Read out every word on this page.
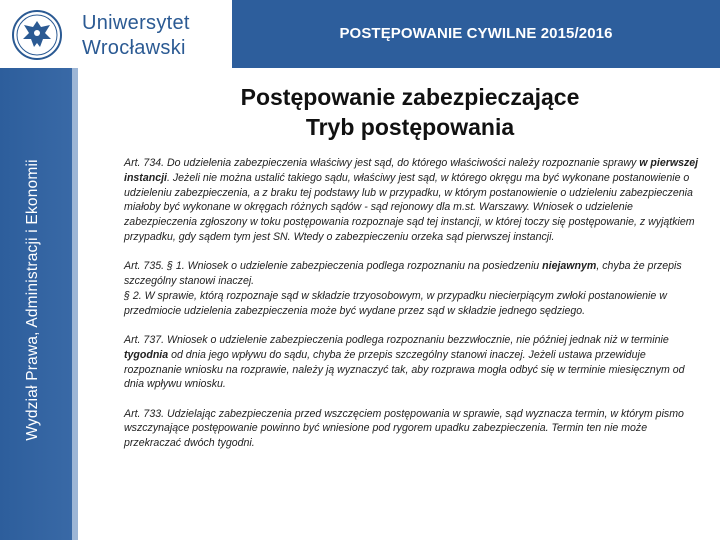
Uniwersytet
Wrocławski
POSTĘPOWANIE CYWILNE 2015/2016
Wydział Prawa, Administracji i Ekonomii
Postępowanie zabezpieczające
Tryb postępowania

Art. 734. Do udzielenia zabezpieczenia właściwy jest sąd, do którego właściwości należy rozpoznanie sprawy w pierwszej instancji. Jeżeli nie można ustalić takiego sądu, właściwy jest sąd, w którego okręgu ma być wykonane postanowienie o udzieleniu zabezpieczenia, a z braku tej podstawy lub w przypadku, w którym postanowienie o udzieleniu zabezpieczenia miałoby być wykonane w okręgach różnych sądów - sąd rejonowy dla m.st. Warszawy. Wniosek o udzielenie zabezpieczenia zgłoszony w toku postępowania rozpoznaje sąd tej instancji, w której toczy się postępowanie, z wyjątkiem przypadku, gdy sądem tym jest SN. Wtedy o zabezpieczeniu orzeka sąd pierwszej instancji.

Art. 735. § 1. Wniosek o udzielenie zabezpieczenia podlega rozpoznaniu na posiedzeniu niejawnym, chyba że przepis szczególny stanowi inaczej.
§ 2. W sprawie, którą rozpoznaje sąd w składzie trzyosobowym, w przypadku niecierpiącym zwłoki postanowienie w przedmiocie udzielenia zabezpieczenia może być wydane przez sąd w składzie jednego sędziego.

Art. 737. Wniosek o udzielenie zabezpieczenia podlega rozpoznaniu bezzwłocznie, nie później jednak niż w terminie tygodnia od dnia jego wpływu do sądu, chyba że przepis szczególny stanowi inaczej. Jeżeli ustawa przewiduje rozpoznanie wniosku na rozprawie, należy ją wyznaczyć tak, aby rozprawa mogła odbyć się w terminie miesięcznym od dnia wpływu wniosku.

Art. 733. Udzielając zabezpieczenia przed wszczęciem postępowania w sprawie, sąd wyznacza termin, w którym pismo wszczynające postępowanie powinno być wniesione pod rygorem upadku zabezpieczenia. Termin ten nie może przekraczać dwóch tygodni.
